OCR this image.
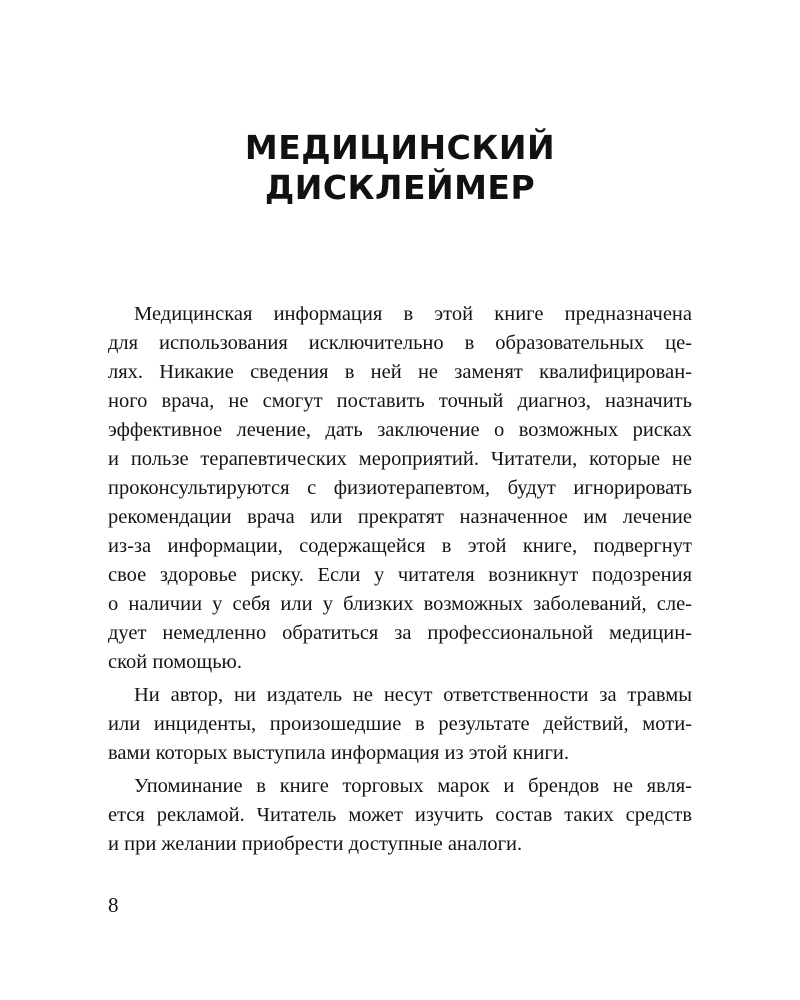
МЕДИЦИНСКИЙ
ДИСКЛЕЙМЕР
Медицинская информация в этой книге предназначена
для использования исключительно в образовательных це-
лях. Никакие сведения в ней не заменят квалифицирован-
ного врача, не смогут поставить точный диагноз, назначить
эффективное лечение, дать заключение о возможных рисках
и пользе терапевтических мероприятий. Читатели, которые не
проконсультируются с физиотерапевтом, будут игнорировать
рекомендации врача или прекратят назначенное им лечение
из-за информации, содержащейся в этой книге, подвергнут
свое здоровье риску. Если у читателя возникнут подозрения
о наличии у себя или у близких возможных заболеваний, сле-
дует немедленно обратиться за профессиональной медицин-
ской помощью.
Ни автор, ни издатель не несут ответственности за травмы
или инциденты, произошедшие в результате действий, моти-
вами которых выступила информация из этой книги.
Упоминание в книге торговых марок и брендов не явля-
ется рекламой. Читатель может изучить состав таких средств
и при желании приобрести доступные аналоги.
8
